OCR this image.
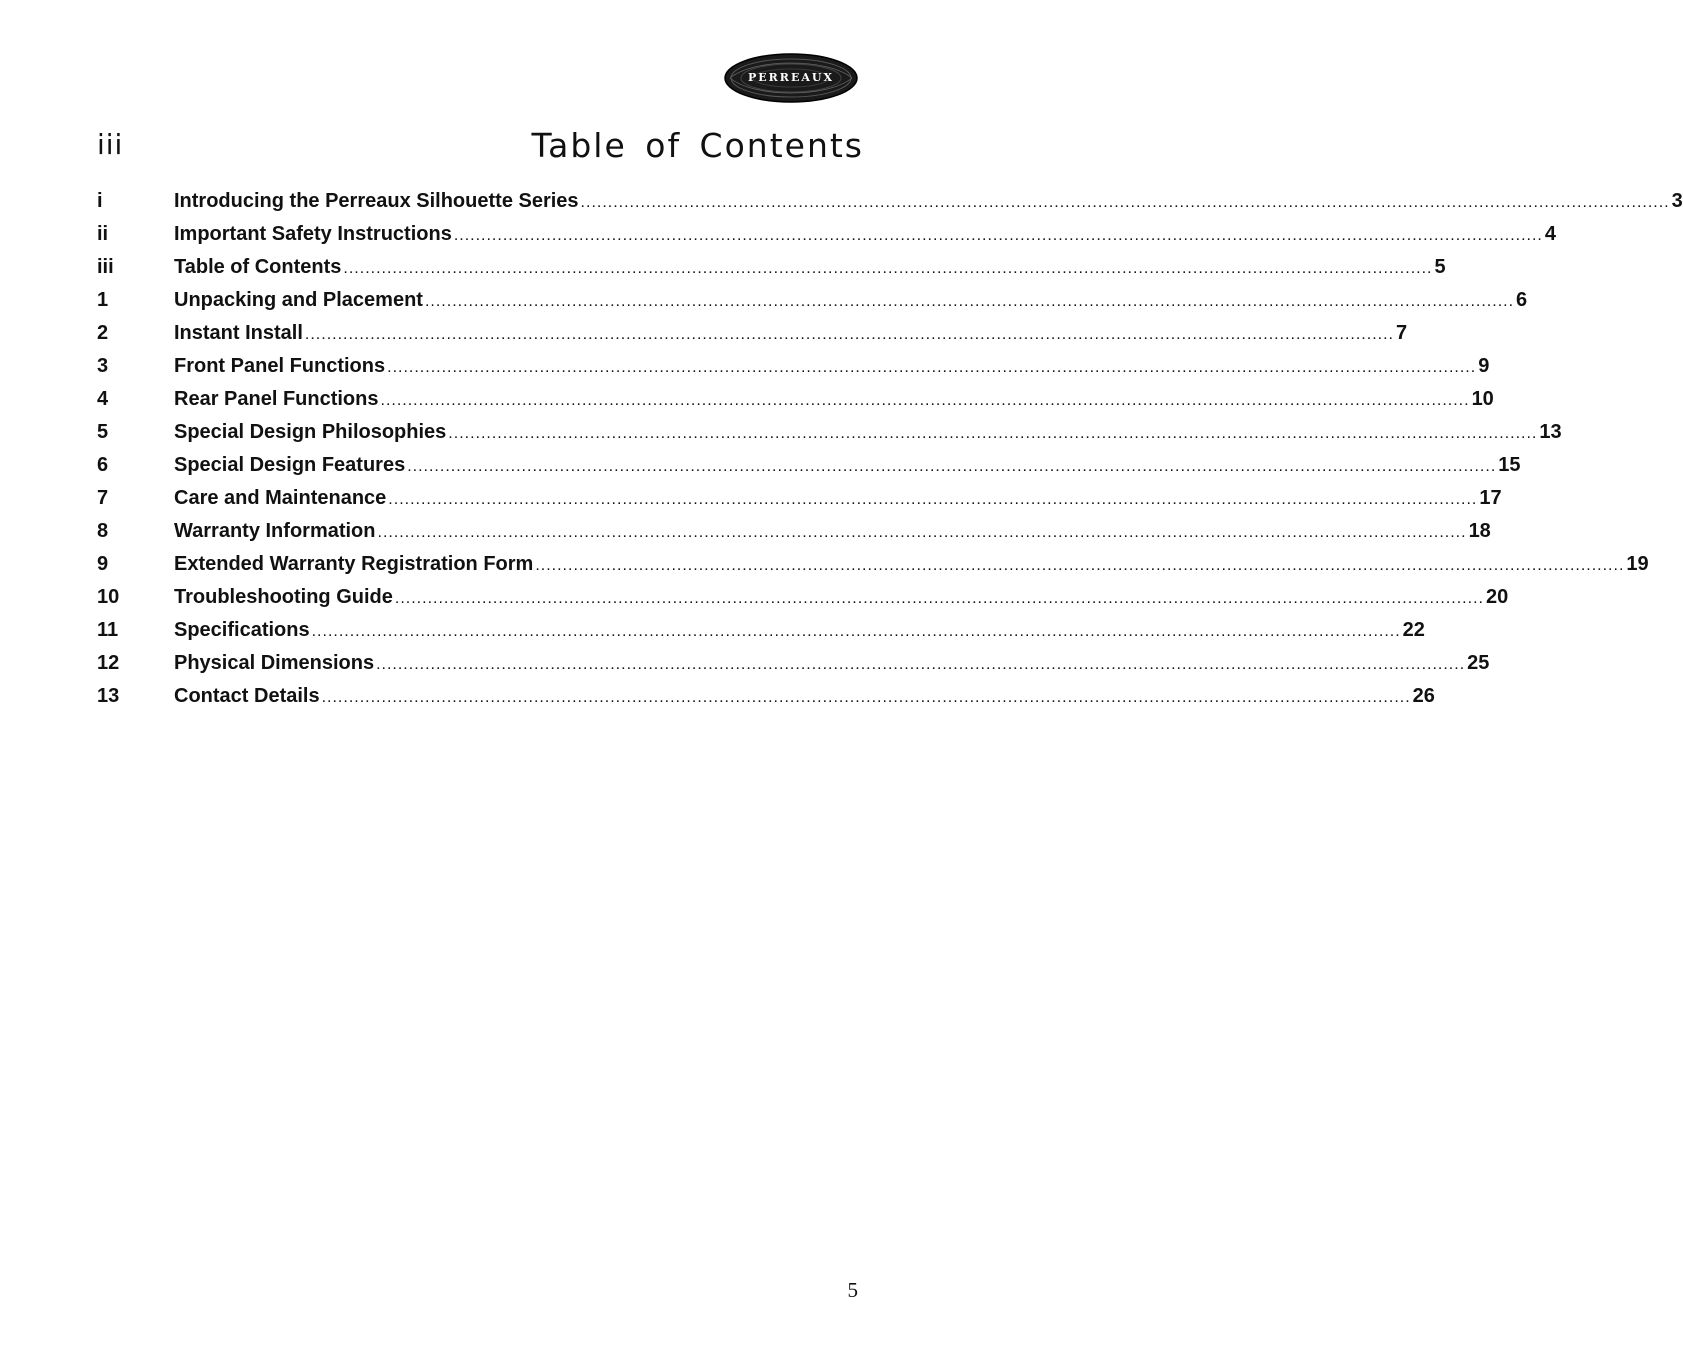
PERREAUX
iii	Table of Contents
i	Introducing the Perreaux Silhouette Series ........................................................................................................................................................................................................ 3
ii	Important Safety Instructions ........................................................................................................................................................................................................ 4
iii	Table of Contents ........................................................................................................................................................................................................ 5
1	Unpacking and Placement ........................................................................................................................................................................................................ 6
2	Instant Install ........................................................................................................................................................................................................ 7
3	Front Panel Functions ........................................................................................................................................................................................................ 9
4	Rear Panel Functions ........................................................................................................................................................................................................ 10
5	Special Design Philosophies ........................................................................................................................................................................................................ 13
6	Special Design Features ........................................................................................................................................................................................................ 15
7	Care and Maintenance ........................................................................................................................................................................................................ 17
8	Warranty Information ........................................................................................................................................................................................................ 18
9	Extended Warranty Registration Form ........................................................................................................................................................................................................ 19
10	Troubleshooting Guide ........................................................................................................................................................................................................ 20
11	Specifications ........................................................................................................................................................................................................ 22
12	Physical Dimensions ........................................................................................................................................................................................................ 25
13	Contact Details ........................................................................................................................................................................................................ 26
5
